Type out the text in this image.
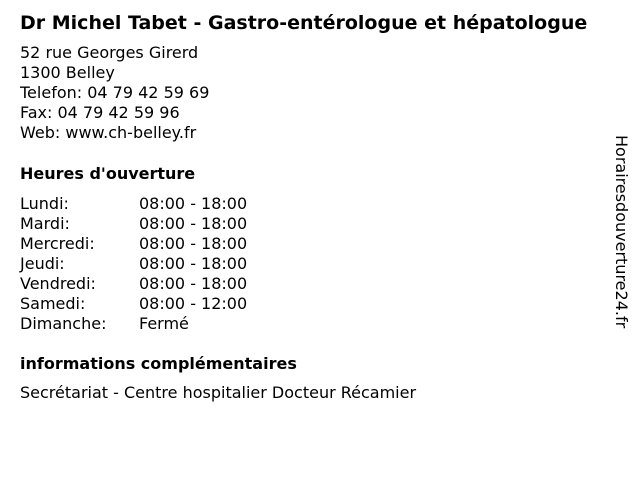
Dr Michel Tabet - Gastro-entérologue et hépatologue
52 rue Georges Girerd
1300 Belley
Telefon: 04 79 42 59 69
Fax: 04 79 42 59 96
Web: www.ch-belley.fr
Heures d'ouverture
Lundi:	08:00 - 18:00
Mardi:	08:00 - 18:00
Mercredi:	08:00 - 18:00
Jeudi:	08:00 - 18:00
Vendredi:	08:00 - 18:00
Samedi:	08:00 - 12:00
Dimanche: Fermé
informations complémentaires
Secrétariat - Centre hospitalier Docteur Récamier
Horairesdouverture24.fr
